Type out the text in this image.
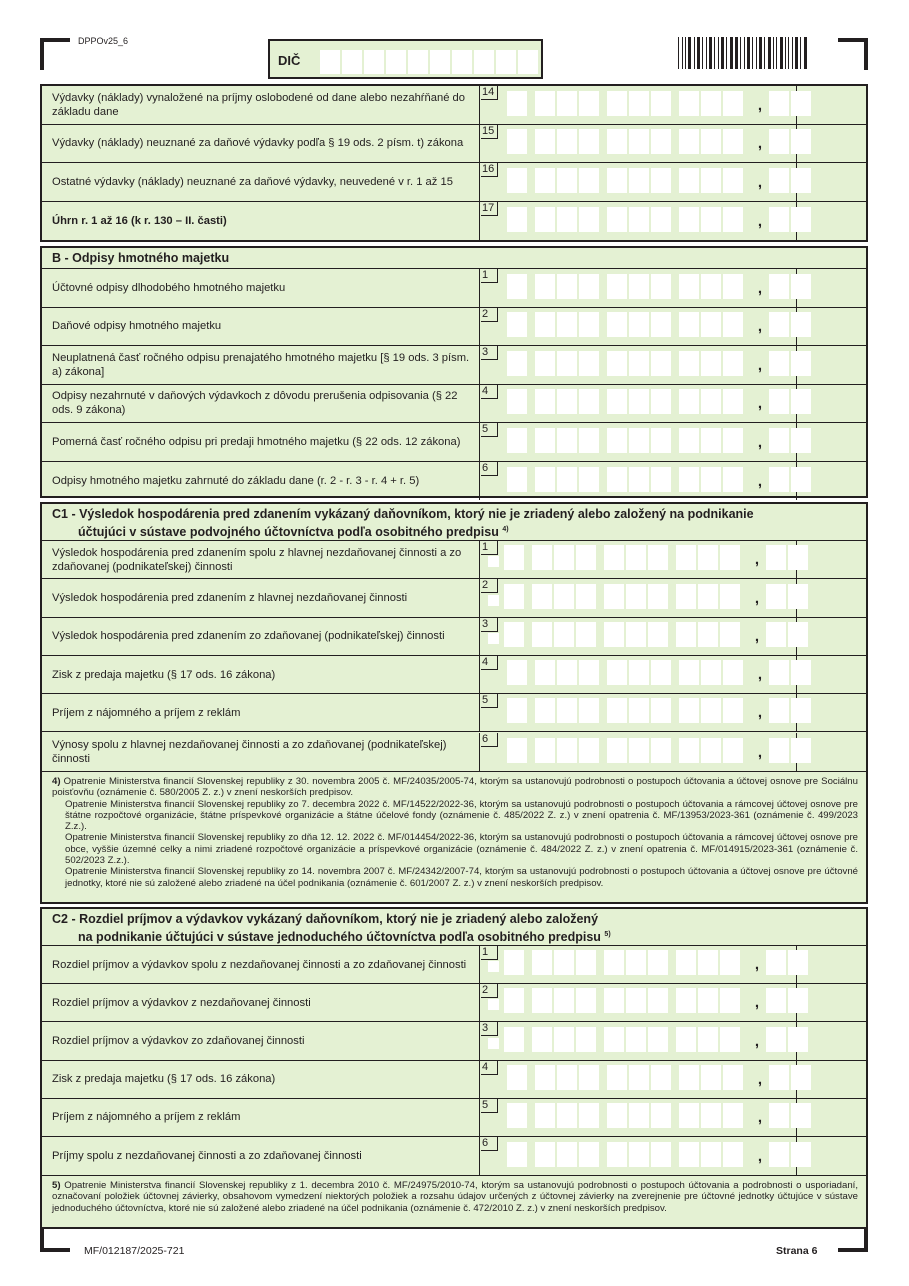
DPPOv25_6
DIČ
Výdavky (náklady) vynaložené na príjmy oslobodené od dane alebo nezahŕňané do základu dane
14
,
Výdavky (náklady) neuznané za daňové výdavky podľa § 19 ods. 2 písm. t) zákona
15
,
Ostatné výdavky (náklady) neuznané za daňové výdavky, neuvedené v r. 1 až 15
16
,
Úhrn r. 1 až 16 (k r. 130 – II. časti)
17
,
B - Odpisy hmotného majetku
Účtovné odpisy dlhodobého hmotného majetku
1
,
Daňové odpisy hmotného majetku
2
,
Neuplatnená časť ročného odpisu prenajatého hmotného majetku [§ 19 ods. 3 písm. a) zákona]
3
,
Odpisy nezahrnuté v daňových výdavkoch z dôvodu prerušenia odpisovania (§ 22 ods. 9 zákona)
4
,
Pomerná časť ročného odpisu pri predaji hmotného majetku (§ 22 ods. 12 zákona)
5
,
Odpisy hmotného majetku zahrnuté do základu dane (r. 2 - r. 3 - r. 4 + r. 5)
6
,
C1 - Výsledok hospodárenia pred zdanením vykázaný daňovníkom, ktorý nie je zriadený alebo založený na podnikanie
účtujúci v sústave podvojného účtovníctva podľa osobitného predpisu $^{4)}$

4) Opatrenie Ministerstva financií Slovenskej republiky z 30. novembra 2005 č. MF/24035/2005-74, ktorým sa ustanovujú podrobnosti o postupoch účtovania a účtovej osnove pre Sociálnu poisťovňu (oznámenie č. 580/2005 Z. z.) v znení neskorších predpisov.

Opatrenie Ministerstva financií Slovenskej republiky zo 7. decembra 2022 č. MF/14522/2022-36, ktorým sa ustanovujú podrobnosti o postupoch účtovania a rámcovej účtovej osnove pre štátne rozpočtové organizácie, štátne príspevkové organizácie a štátne účelové fondy (oznámenie č. 485/2022 Z. z.) v znení opatrenia č. MF/13953/2023-361 (oznámenie č. 499/2023 Z.z.).

Opatrenie Ministerstva financií Slovenskej republiky zo dňa 12. 12. 2022 č. MF/014454/2022-36, ktorým sa ustanovujú podrobnosti o postupoch účtovania a rámcovej účtovej osnove pre obce, vyššie územné celky a nimi zriadené rozpočtové organizácie a príspevkové organizácie (oznámenie č. 484/2022 Z. z.) v znení opatrenia č. MF/014915/2023-361 (oznámenie č. 502/2023 Z.z.).

Opatrenie Ministerstva financií Slovenskej republiky zo 14. novembra 2007 č. MF/24342/2007-74, ktorým sa ustanovujú podrobnosti o postupoch účtovania a účtovej osnove pre účtovné jednotky, ktoré nie sú založené alebo zriadené na účel podnikania (oznámenie č. 601/2007 Z. z.) v znení neskorších predpisov.

Výsledok hospodárenia pred zdanením spolu z hlavnej nezdaňovanej činnosti a zo zdaňovanej (podnikateľskej) činnosti
1
,
Výsledok hospodárenia pred zdanením z hlavnej nezdaňovanej činnosti
2
,
Výsledok hospodárenia pred zdanením zo zdaňovanej (podnikateľskej) činnosti
3
,
Zisk z predaja majetku (§ 17 ods. 16 zákona)
4
,
Príjem z nájomného a príjem z reklám
5
,
Výnosy spolu z hlavnej nezdaňovanej činnosti a zo zdaňovanej (podnikateľskej) činnosti
6
,
C2 - Rozdiel príjmov a výdavkov vykázaný daňovníkom, ktorý nie je zriadený alebo založený
na podnikanie účtujúci v sústave jednoduchého účtovníctva podľa osobitného predpisu $^{5)}$

5) Opatrenie Ministerstva financií Slovenskej republiky z 1. decembra 2010 č. MF/24975/2010-74, ktorým sa ustanovujú podrobnosti o postupoch účtovania a podrobnosti o usporiadaní, označovaní položiek účtovnej závierky, obsahovom vymedzení niektorých položiek a rozsahu údajov určených z účtovnej závierky na zverejnenie pre účtovné jednotky účtujúce v sústave jednoduchého účtovníctva, ktoré nie sú založené alebo zriadené na účel podnikania (oznámenie č. 472/2010 Z. z.) v znení neskorších predpisov.

Rozdiel príjmov a výdavkov spolu z nezdaňovanej činnosti a zo zdaňovanej činnosti
1
,
Rozdiel príjmov a výdavkov z nezdaňovanej činnosti
2
,
Rozdiel príjmov a výdavkov zo zdaňovanej činnosti
3
,
Zisk z predaja majetku (§ 17 ods. 16 zákona)
4
,
Príjem z nájomného a príjem z reklám
5
,
Príjmy spolu z nezdaňovanej činnosti a zo zdaňovanej činnosti
6
,
MF/012187/2025-721	Strana 6
